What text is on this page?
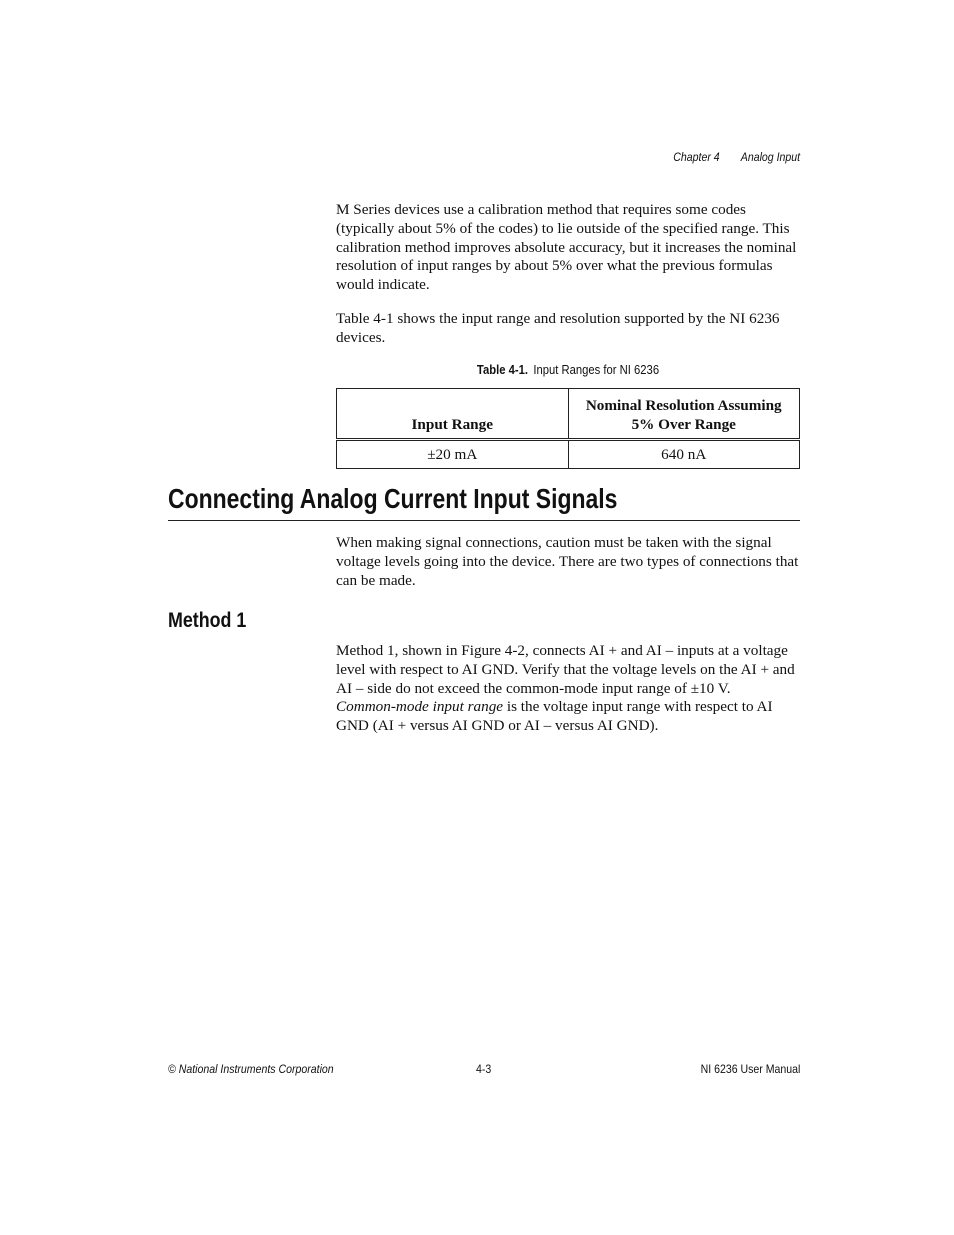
Chapter 4 Analog Input

M Series devices use a calibration method that requires some codes (typically about 5% of the codes) to lie outside of the specified range. This calibration method improves absolute accuracy, but it increases the nominal resolution of input ranges by about 5% over what the previous formulas would indicate.

Table 4-1 shows the input range and resolution supported by the NI 6236 devices.

Table 4-1. Input Ranges for NI 6236
Input Range	Nominal Resolution Assuming 5% Over Range
±20 mA	640 nA
Connecting Analog Current Input Signals

When making signal connections, caution must be taken with the signal voltage levels going into the device. There are two types of connections that can be made.

Method 1

Method 1, shown in Figure 4-2, connects AI + and AI – inputs at a voltage level with respect to AI GND. Verify that the voltage levels on the AI + and AI – side do not exceed the common-mode input range of ±10 V.
Common-mode input range is the voltage input range with respect to AI GND (AI + versus AI GND or AI – versus AI GND).

© National Instruments Corporation	4-3	NI 6236 User Manual
